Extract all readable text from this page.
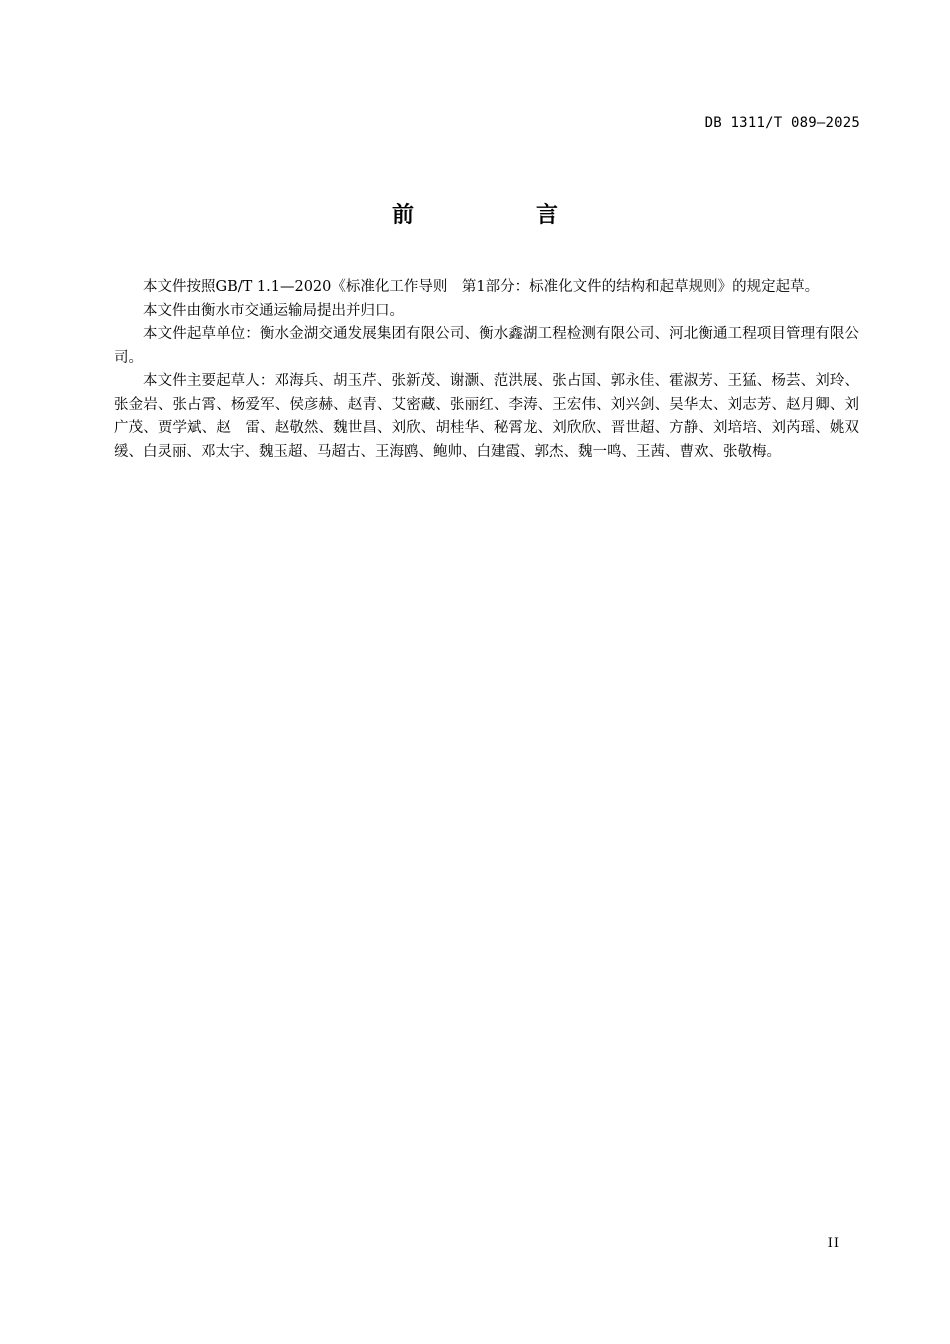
DB 1311/T 089—2025
前　言

本文件按照GB/T 1.1—2020《标准化工作导则　第1部分：标准化文件的结构和起草规则》的规定起草。

本文件由衡水市交通运输局提出并归口。

本文件起草单位：衡水金湖交通发展集团有限公司、衡水鑫湖工程检测有限公司、河北衡通工程项目管理有限公司。

本文件主要起草人：邓海兵、胡玉芹、张新茂、谢灏、范洪展、张占国、郭永佳、霍淑芳、王猛、杨芸、刘玲、张金岩、张占霄、杨爱军、侯彦赫、赵青、艾密藏、张丽红、李涛、王宏伟、刘兴剑、吴华太、刘志芳、赵月卿、刘广茂、贾学斌、赵　雷、赵敬然、魏世昌、刘欣、胡桂华、秘霄龙、刘欣欣、晋世超、方静、刘培培、刘芮瑶、姚双缓、白灵丽、邓太宇、魏玉超、马超古、王海鸥、鲍帅、白建霞、郭杰、魏一鸣、王茜、曹欢、张敬梅。

II
